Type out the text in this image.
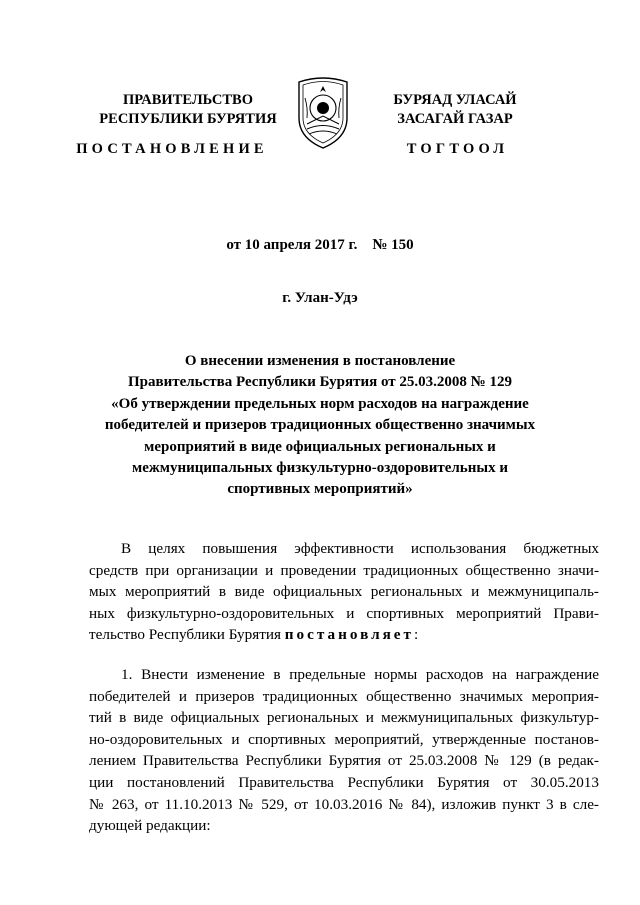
ПРАВИТЕЛЬСТВО
РЕСПУБЛИКИ БУРЯТИЯ
БУРЯАД УЛАСАЙ
ЗАСАГАЙ ГАЗАР
ПОСТАНОВЛЕНИЕ	ТОГТООЛ
от 10 апреля 2017 г.    № 150
г. Улан-Удэ
О внесении изменения в постановление
Правительства Республики Бурятия от 25.03.2008 № 129
«Об утверждении предельных норм расходов на награждение
победителей и призеров традиционных общественно значимых
мероприятий в виде официальных региональных и
межмуниципальных физкультурно-оздоровительных и
спортивных мероприятий»
В целях повышения эффективности использования бюджетных
средств при организации и проведении традиционных общественно значи-
мых мероприятий в виде официальных региональных и межмуниципаль-
ных физкультурно-оздоровительных и спортивных мероприятий Прави-
тельство Республики Бурятия постановляет:
1. Внести изменение в предельные нормы расходов на награждение
победителей и призеров традиционных общественно значимых мероприя-
тий в виде официальных региональных и межмуниципальных физкультур-
но-оздоровительных и спортивных мероприятий, утвержденные постанов-
лением Правительства Республики Бурятия от 25.03.2008 № 129 (в редак-
ции постановлений Правительства Республики Бурятия от 30.05.2013
№ 263, от 11.10.2013 № 529, от 10.03.2016 № 84), изложив пункт 3 в сле-
дующей редакции:
